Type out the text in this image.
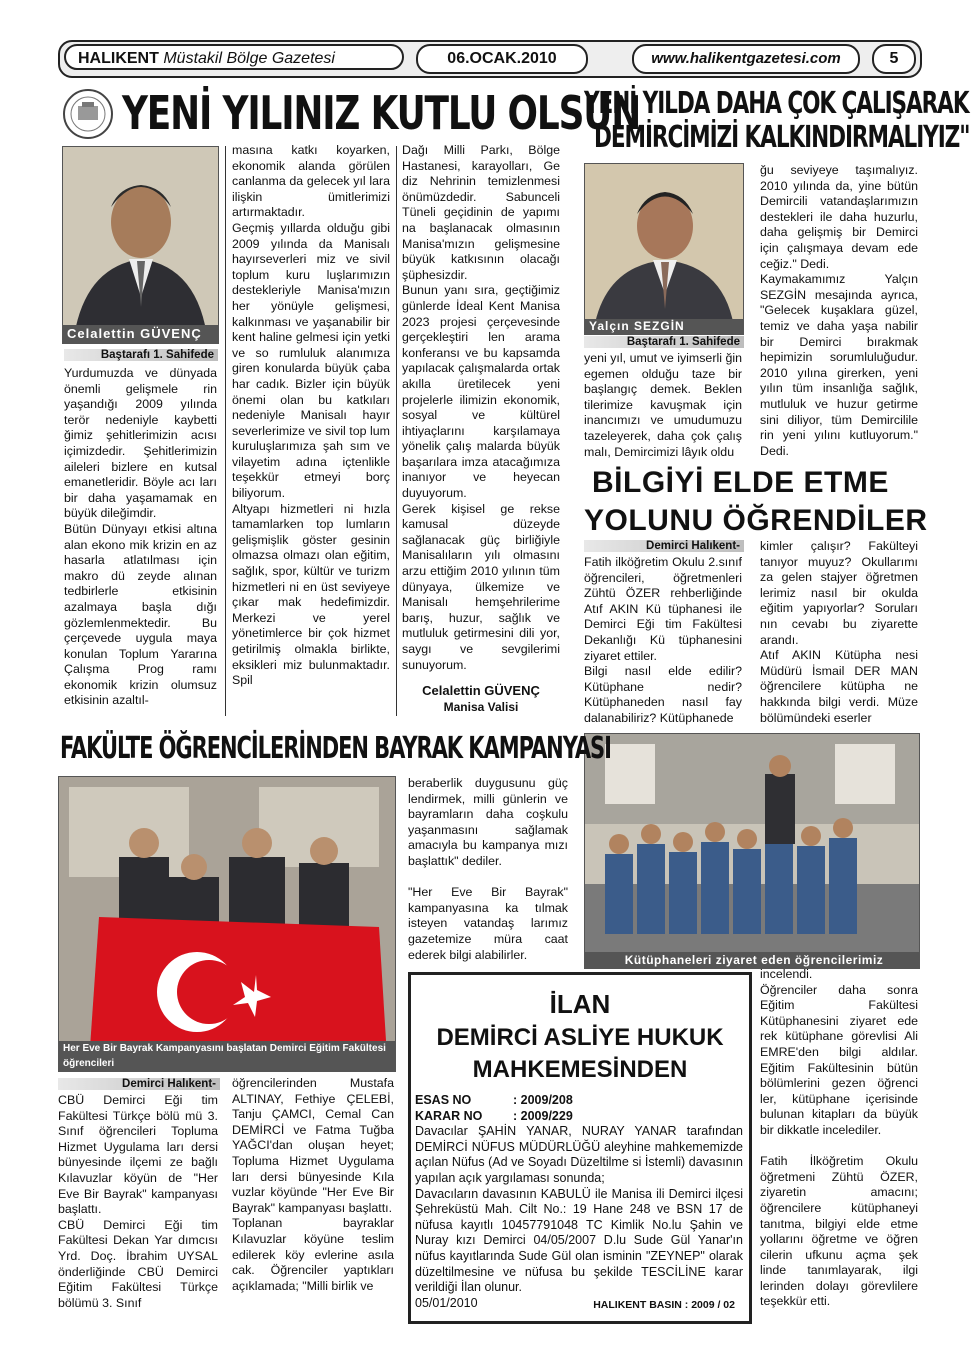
HALIKENT Müstakil Bölge Gazetesi	06.OCAK.2010	www.halikentgazetesi.com	5
YENİ YILINIZ KUTLU OLSUN
Celalettin GÜVENÇ
Baştarafı 1. Sahifede
Yurdumuzda ve dünyada önemli gelişmele rin yaşandığı 2009 yılında terör nedeniyle kaybetti ğimiz şehitlerimizin acısı içimizdedir. Şehitlerimizin aileleri bizlere en kutsal emanetleridir. Böyle acı ları bir daha yaşamamak en büyük dileğimdir.
Bütün Dünyayı etkisi altına alan ekono mik krizin en az hasarla atlatılması için makro dü zeyde alınan tedbirlerle etkisinin azalmaya başla dığı gözlemlenmektedir. Bu çerçevede uygula maya konulan Toplum Yararına Çalışma Prog ramı ekonomik krizin olumsuz etkisinin azaltıl-
masına katkı koyarken, ekonomik alanda görülen canlanma da gelecek yıl lara ilişkin ümitlerimizi artırmaktadır.
Geçmiş yıllarda olduğu gibi 2009 yılında da Manisalı hayırseverleri miz ve sivil toplum kuru luşlarımızın destekleriyle Manisa'mızın her yönüyle gelişmesi, kalkınması ve yaşanabilir bir kent haline gelmesi için yetki ve so rumluluk alanımıza giren konularda büyük çaba har cadık. Bizler için büyük önemi olan bu katkıları nedeniyle Manisalı hayır severlerimize ve sivil top lum kuruluşlarımıza şah sım ve vilayetim adına içtenlikle teşekkür etmeyi borç biliyorum.
Altyapı hizmetleri ni hızla tamamlarken top lumların gelişmişlik göster gesinin olmazsa olmazı olan eğitim, sağlık, spor, kültür ve turizm hizmetleri ni en üst seviyeye çıkar mak hedefimizdir. Merkezi ve yerel yönetimlerce bir çok hizmet getirilmiş olmakla birlikte, eksikleri miz bulunmaktadır. Spil
Dağı Milli Parkı, Bölge Hastanesi, karayolları, Ge diz Nehrinin temizlenmesi önümüzdedir. Sabunceli Tüneli geçidinin de yapımı na başlanacak olmasının Manisa'mızın gelişmesine büyük katkısının olacağı şüphesizdir.
Bunun yanı sıra, geçtiğimiz günlerde İdeal Kent Manisa 2023 projesi çerçevesinde gerçekleştiri len arama konferansı ve bu kapsamda yapılacak çalışmalarda ortak akılla üretilecek yeni projelerle ilimizin ekonomik, sosyal ve kültürel ihtiyaçlarını karşılamaya yönelik çalış malarda büyük başarılara imza atacağımıza inanıyor ve heyecan duyuyorum.
Gerek kişisel ge rekse kamusal düzeyde sağlanacak güç birliğiyle Manisalıların yılı olmasını arzu ettiğim 2010 yılının tüm dünyaya, ülkemize ve Manisalı hemşehrilerime barış, huzur, sağlık ve mutluluk getirmesini dili yor, saygı ve sevgilerimi sunuyorum.
Celalettin GÜVENÇ
Manisa Valisi
YENİ YILDA DAHA ÇOK ÇALIŞARAK
DEMİRCİMİZİ KALKINDIRMALIYIZ"
Yalçın SEZGİN
Baştarafı 1. Sahifede
yeni yıl, umut ve iyimserli ğin egemen olduğu taze bir başlangıç demek. Beklen tilerimize kavuşmak için inancımızı ve umudumuzu tazeleyerek, daha çok çalış malı, Demircimizi lâyık oldu
ğu seviyeye taşımalıyız. 2010 yılında da, yine bütün Demircili vatandaşlarımızın destekleri ile daha huzurlu, daha gelişmiş bir Demirci için çalışmaya devam ede ceğiz." Dedi.
Kaymakamımız Yalçın SEZGİN mesajında ayrıca, "Gelecek kuşaklara güzel, temiz ve daha yaşa nabilir bir Demirci bırakmak hepimizin sorumluluğudur. 2010 yılına girerken, yeni yılın tüm insanlığa sağlık, mutluluk ve huzur getirme sini diliyor, tüm Demircilile rin yeni yılını kutluyorum." Dedi.
BİLGİYİ ELDE ETME
YOLUNU ÖĞRENDİLER
Demirci Halıkent-
Fatih ilköğretim Okulu 2.sınıf öğrencileri, öğretmenleri Zühtü ÖZER rehberliğinde Atıf AKIN Kü tüphanesi ile Demirci Eği tim Fakültesi Dekanlığı Kü tüphanesini ziyaret ettiler.
Bilgi nasıl elde edilir? Kütüphane nedir? Kütüphaneden nasıl fay dalanabiliriz? Kütüphanede
kimler çalışır? Fakülteyi tanıyor muyuz? Okullarımı za gelen stajyer öğretmen lerimiz nasıl bir okulda eğitim yapıyorlar? Soruları nın cevabı bu ziyarette arandı.
Atıf AKIN Kütüpha nesi Müdürü İsmail DER MAN öğrencilere kütüpha ne hakkında bilgi verdi. Müze bölümündeki eserler
Kütüphaneleri ziyaret eden öğrencilerimiz
incelendi.
Öğrenciler daha sonra Eğitim Fakültesi Kütüphanesini ziyaret ede rek kütüphane görevlisi Ali EMRE'den bilgi aldılar. Eğitim Fakültesinin bütün bölümlerini gezen öğrenci ler, kütüphane içerisinde bulunan kitapları da büyük bir dikkatle incelediler.

Fatih İlköğretim Okulu öğretmeni Zühtü ÖZER, ziyaretin amacını; öğrencilere kütüphaneyi tanıtma, bilgiyi elde etme yollarını öğretme ve öğren cilerin ufkunu açma şek linde tanımlayarak, ilgi lerinden dolayı görevlilere teşekkür etti.
FAKÜLTE ÖĞRENCİLERİNDEN BAYRAK KAMPANYASI
Her Eve Bir Bayrak Kampanyasını başlatan Demirci Eğitim Fakültesi öğrencileri
Demirci Halıkent-
CBÜ Demirci Eği tim Fakültesi Türkçe bölü mü 3. Sınıf öğrencileri Topluma Hizmet Uygulama ları dersi bünyesinde ilçemi ze bağlı Kılavuzlar köyün de "Her Eve Bir Bayrak" kampanyası başlattı.
CBÜ Demirci Eği tim Fakültesi Dekan Yar dımcısı Yrd. Doç. İbrahim UYSAL önderliğinde CBÜ Demirci Eğitim Fakültesi Türkçe bölümü 3. Sınıf
öğrencilerinden Mustafa ALTINAY, Fethiye ÇELEBİ, Tanju ÇAMCI, Cemal Can DEMİRCİ ve Fatma Tuğba YAĞCI'dan oluşan heyet; Topluma Hizmet Uygulama ları dersi bünyesinde Kıla vuzlar köyünde "Her Eve Bir Bayrak" kampanyası başlattı.
Toplanan bayraklar Kılavuzlar köyüne teslim edilerek köy evlerine asıla cak. Öğrenciler yaptıkları açıklamada; "Milli birlik ve
beraberlik duygusunu güç lendirmek, milli günlerin ve bayramların daha coşkulu yaşanmasını sağlamak amacıyla bu kampanya mızı başlattık" dediler.

"Her Eve Bir Bayrak" kampanyasına ka tılmak isteyen vatandaş larımız gazetemize müra caat ederek bilgi alabilirler.
İLAN
DEMİRCİ ASLİYE HUKUK
MAHKEMESİNDEN
ESAS NO	: 2009/208
KARAR NO : 2009/229
Davacılar ŞAHİN YANAR, NURAY YANAR tarafından DEMİRCİ NÜFUS MÜDÜRLÜĞÜ aleyhine mahkememizde açılan Nüfus (Ad ve Soyadı Düzeltilme si İstemli) davasının yapılan açık yargılaması sonunda;
Davacıların davasının KABULÜ ile Manisa ili Demirci ilçesi Şehreküstü Mah. Cilt No.: 19 Hane 248 ve BSN 17 de nüfusa kayıtlı 10457791048 TC Kimlik No.lu Şahin ve Nuray kızı Demirci 04/05/2007 D.lu Sude Gül Yanar'ın nüfus kayıtlarında Sude Gül olan isminin "ZEYNEP" olarak düzeltilmesine ve nüfusa bu şekilde TESCİLİNE karar verildiği İlan olunur.
05/01/2010	HALIKENT BASIN : 2009 / 02
